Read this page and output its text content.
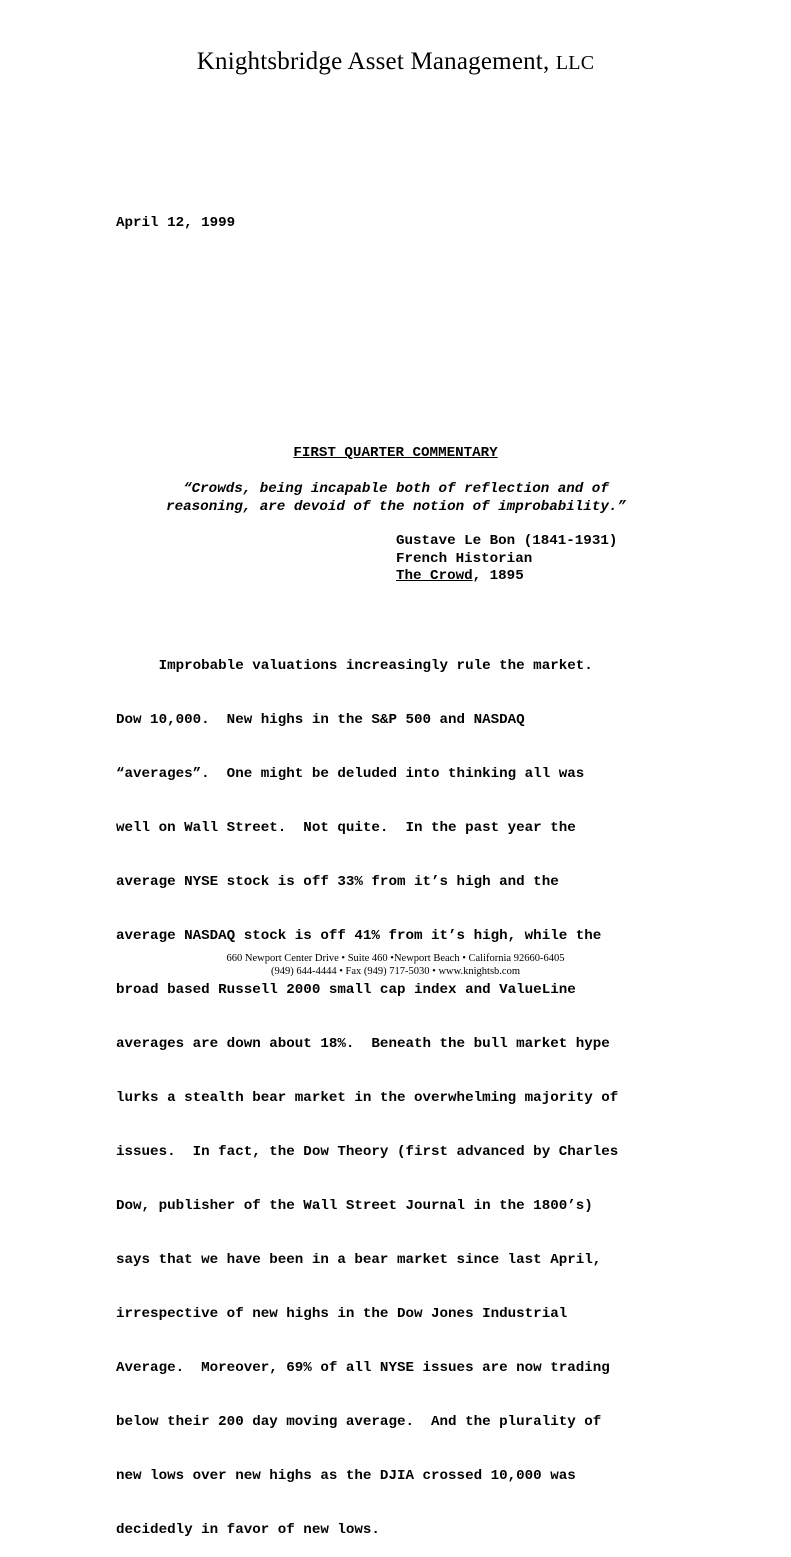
Knightsbridge Asset Management, LLC
April 12, 1999
FIRST QUARTER COMMENTARY
“Crowds, being incapable both of reflection and of
reasoning, are devoid of the notion of improbability.”
Gustave Le Bon (1841-1931)
French Historian
The Crowd, 1895

Improbable valuations increasingly rule the market.

Dow 10,000.  New highs in the S&P 500 and NASDAQ

“averages”.  One might be deluded into thinking all was

well on Wall Street.  Not quite.  In the past year the

average NYSE stock is off 33% from it’s high and the

average NASDAQ stock is off 41% from it’s high, while the

broad based Russell 2000 small cap index and ValueLine

averages are down about 18%.  Beneath the bull market hype

lurks a stealth bear market in the overwhelming majority of

issues.  In fact, the Dow Theory (first advanced by Charles

Dow, publisher of the Wall Street Journal in the 1800’s)

says that we have been in a bear market since last April,

irrespective of new highs in the Dow Jones Industrial

Average.  Moreover, 69% of all NYSE issues are now trading

below their 200 day moving average.  And the plurality of

new lows over new highs as the DJIA crossed 10,000 was

decidedly in favor of new lows.

660 Newport Center Drive • Suite 460 •Newport Beach • California 92660-6405
(949) 644-4444 • Fax (949) 717-5030 • www.knightsb.com
